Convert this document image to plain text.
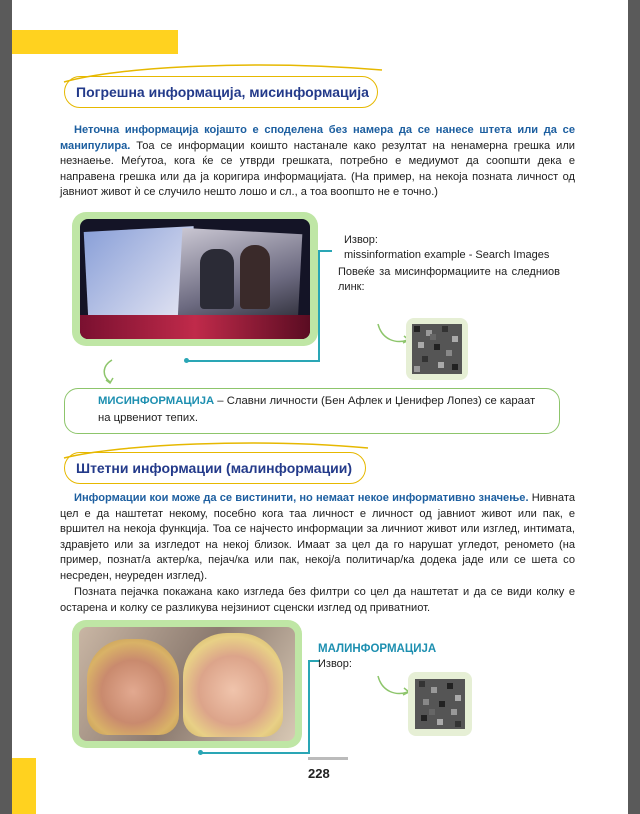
Погрешна информација, мисинформација
Неточна информација којашто е споделена без намера да се нанесе штета или да се манипулира. Тоа се информации коишто настанале како резултат на ненамерна грешка или незнаење. Меѓутоа, кога ќе се утврди грешката, потребно е медиумот да соопшти дека е направена грешка или да ја коригира информацијата. (На пример, на некоја позната личност од јавниот живот ѝ се случило нешто лошо и сл., а тоа воопшто не е точно.)
Извор:
missinformation example - Search Images
Повеќе за мисинформациите на следниов линк:
МИСИНФОРМАЦИЈА – Славни личности (Бен Афлек и Џенифер Лопез) се караат на црвениот тепих.
Штетни информации (малинформации)
Информации кои може да се вистинити, но немаат некое информативно значење. Нивната цел е да наштетат некому, посебно кога таа личност е личност од јавниот живот или пак, е вршител на некоја функција. Тоа се најчесто информации за личниот живот или изглед, интимата, здравјето или за изгледот на некој близок. Имаат за цел да го нарушат угледот, реномето (на пример, познат/а актер/ка, пејач/ка или пак, некој/а политичар/ка додека јаде или се шета со несреден, неуреден изглед).
Позната пејачка покажана како изгледа без филтри со цел да наштетат и да се види колку е остарена и колку се разликува нејзиниот сценски изглед од приватниот.
МАЛИНФОРМАЦИЈА
Извор:
228
